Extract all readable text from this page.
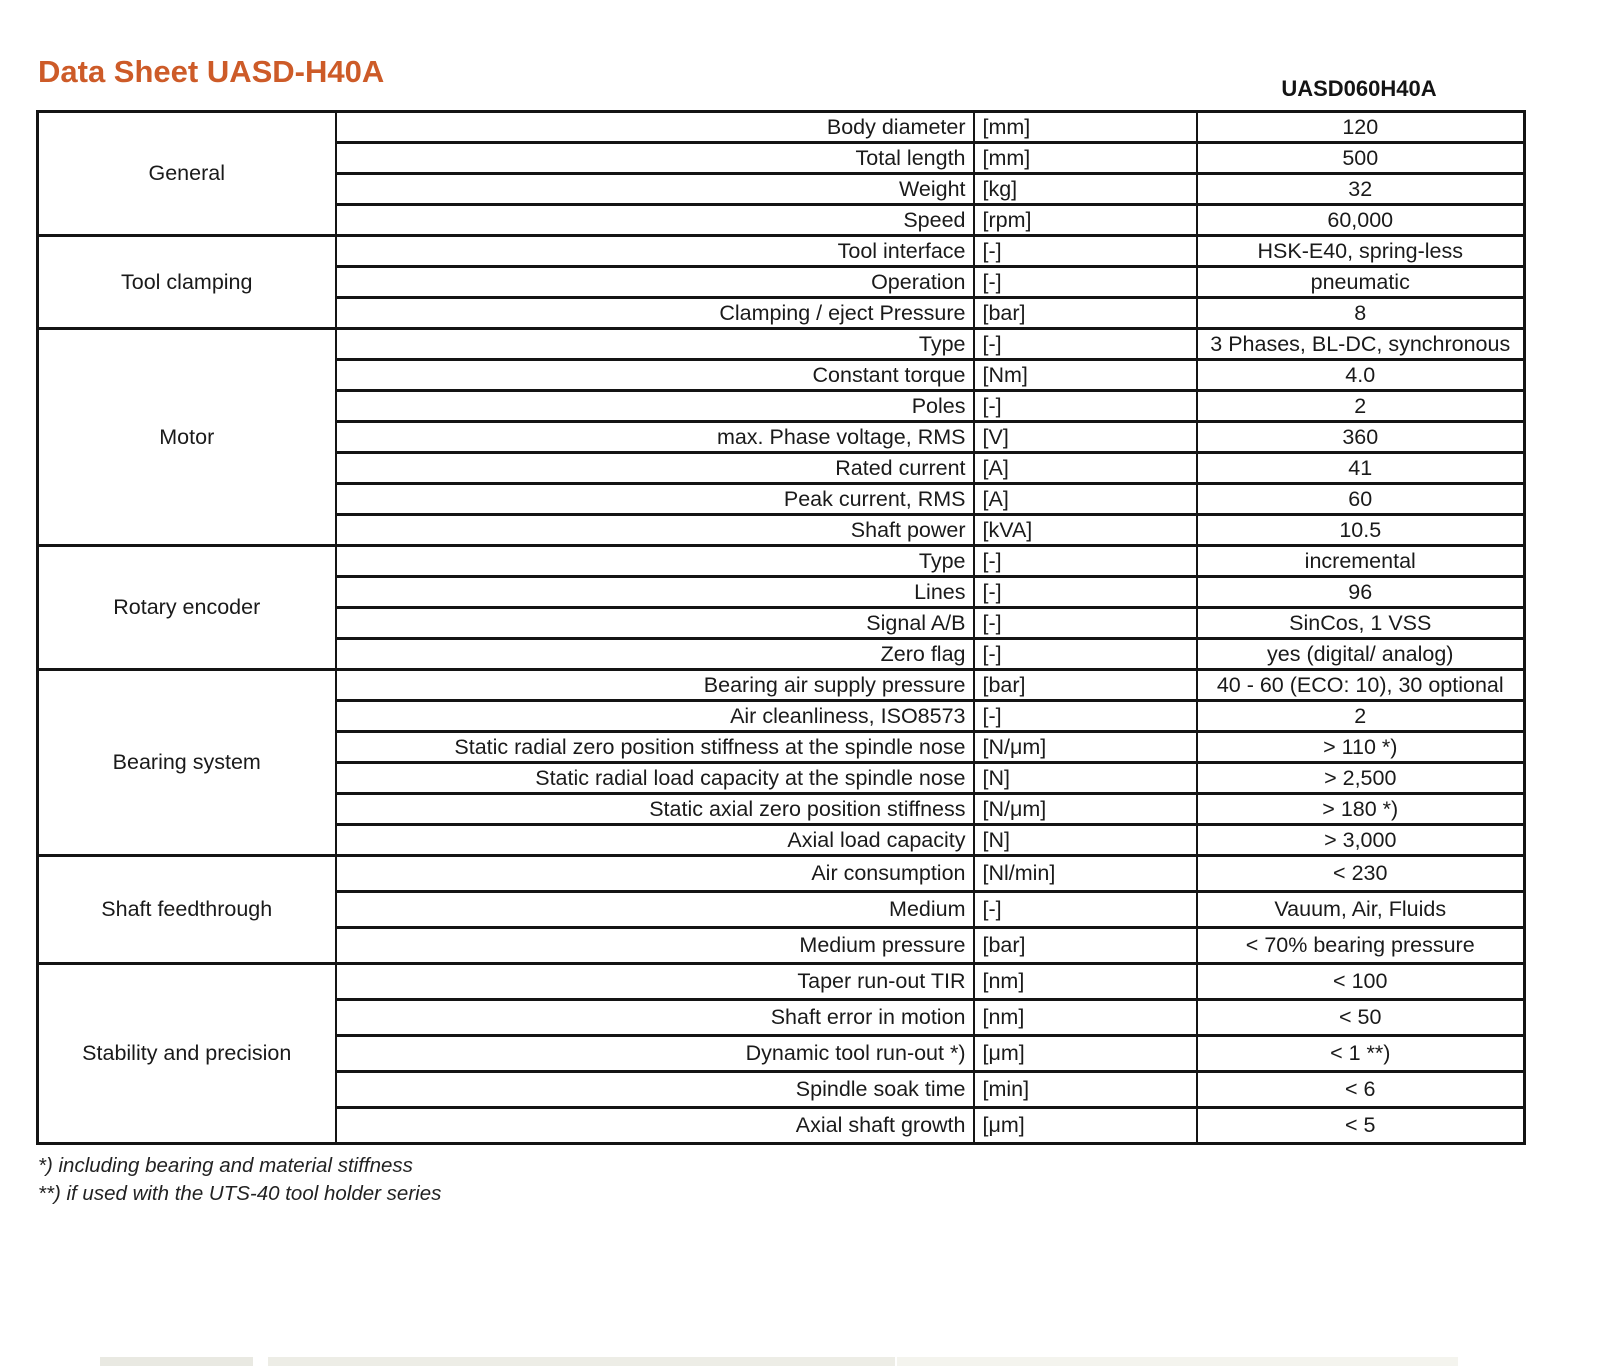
Data Sheet UASD-H40A	UASD060H40A
General	Body diameter	[mm]	120
	Total length	[mm]	500
	Weight	[kg]	32
	Speed	[rpm]	60,000
Tool clamping	Tool interface	[-]	HSK-E40, spring-less
	Operation	[-]	pneumatic
	Clamping / eject Pressure	[bar]	8
Motor	Type	[-]	3 Phases, BL-DC, synchronous
	Constant torque	[Nm]	4.0
	Poles	[-]	2
	max. Phase voltage, RMS	[V]	360
	Rated current	[A]	41
	Peak current, RMS	[A]	60
	Shaft power	[kVA]	10.5
Rotary encoder	Type	[-]	incremental
	Lines	[-]	96
	Signal A/B	[-]	SinCos, 1 VSS
	Zero flag	[-]	yes (digital/ analog)
Bearing system	Bearing air supply pressure	[bar]	40 - 60 (ECO: 10), 30 optional
	Air cleanliness, ISO8573	[-]	2
	Static radial zero position stiffness at the spindle nose	[N/μm]	> 110 *)
	Static radial load capacity at the spindle nose	[N]	> 2,500
	Static axial zero position stiffness	[N/μm]	> 180 *)
	Axial load capacity	[N]	> 3,000
Shaft feedthrough	Air consumption	[Nl/min]	< 230
	Medium	[-]	Vauum, Air, Fluids
	Medium pressure	[bar]	< 70% bearing pressure
Stability and precision	Taper run-out TIR	[nm]	< 100
	Shaft error in motion	[nm]	< 50
	Dynamic tool run-out *)	[μm]	< 1 **)
	Spindle soak time	[min]	< 6
	Axial shaft growth	[μm]	< 5
*) including bearing and material stiffness
**) if used with the UTS-40 tool holder series
